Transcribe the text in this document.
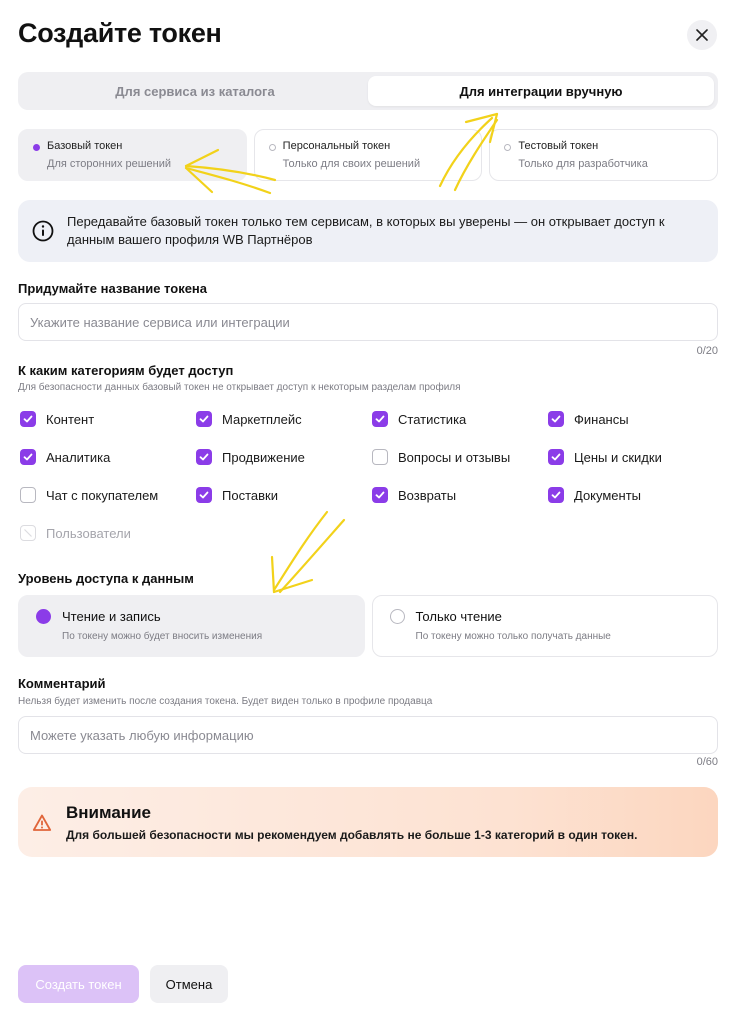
Создайте токен
Для сервиса из каталога	Для интеграции вручную
Базовый токен
Для сторонних решений
Персональный токен
Только для своих решений
Тестовый токен
Только для разработчика
Передавайте базовый токен только тем сервисам, в которых вы уверены — он открывает доступ к данным вашего профиля WB Партнёров
Придумайте название токена
Укажите название сервиса или интеграции
0/20
К каким категориям будет доступ
Для безопасности данных базовый токен не открывает доступ к некоторым разделам профиля
Контент	Маркетплейс	Статистика	Финансы
Аналитика	Продвижение	Вопросы и отзывы	Цены и скидки
Чат с покупателем	Поставки	Возвраты	Документы
Пользователи
Уровень доступа к данным
Чтение и запись
По токену можно будет вносить изменения
Только чтение
По токену можно только получать данные
Комментарий
Нельзя будет изменить после создания токена. Будет виден только в профиле продавца
Можете указать любую информацию
0/60
Внимание
Для большей безопасности мы рекомендуем добавлять не больше 1-3 категорий в один токен.
Создать токен	Отмена
